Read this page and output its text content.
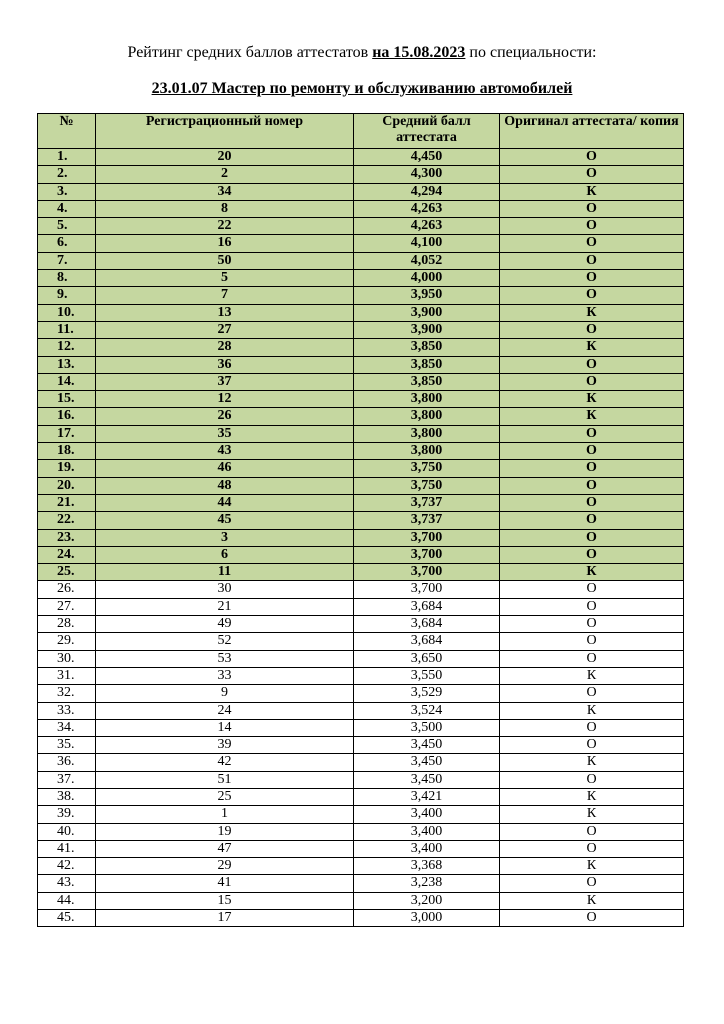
Рейтинг средних баллов аттестатов на 15.08.2023 по специальности:
23.01.07 Мастер по ремонту и обслуживанию автомобилей
№	Регистрационный номер	Средний балл аттестата	Оригинал аттестата/ копия
1.	20	4,450	О
2.	2	4,300	О
3.	34	4,294	К
4.	8	4,263	О
5.	22	4,263	О
6.	16	4,100	О
7.	50	4,052	О
8.	5	4,000	О
9.	7	3,950	О
10.	13	3,900	К
11.	27	3,900	О
12.	28	3,850	К
13.	36	3,850	О
14.	37	3,850	О
15.	12	3,800	К
16.	26	3,800	К
17.	35	3,800	О
18.	43	3,800	О
19.	46	3,750	О
20.	48	3,750	О
21.	44	3,737	О
22.	45	3,737	О
23.	3	3,700	О
24.	6	3,700	О
25.	11	3,700	К
26.	30	3,700	О
27.	21	3,684	О
28.	49	3,684	О
29.	52	3,684	О
30.	53	3,650	О
31.	33	3,550	К
32.	9	3,529	О
33.	24	3,524	К
34.	14	3,500	О
35.	39	3,450	О
36.	42	3,450	К
37.	51	3,450	О
38.	25	3,421	К
39.	1	3,400	К
40.	19	3,400	О
41.	47	3,400	О
42.	29	3,368	К
43.	41	3,238	О
44.	15	3,200	К
45.	17	3,000	О
